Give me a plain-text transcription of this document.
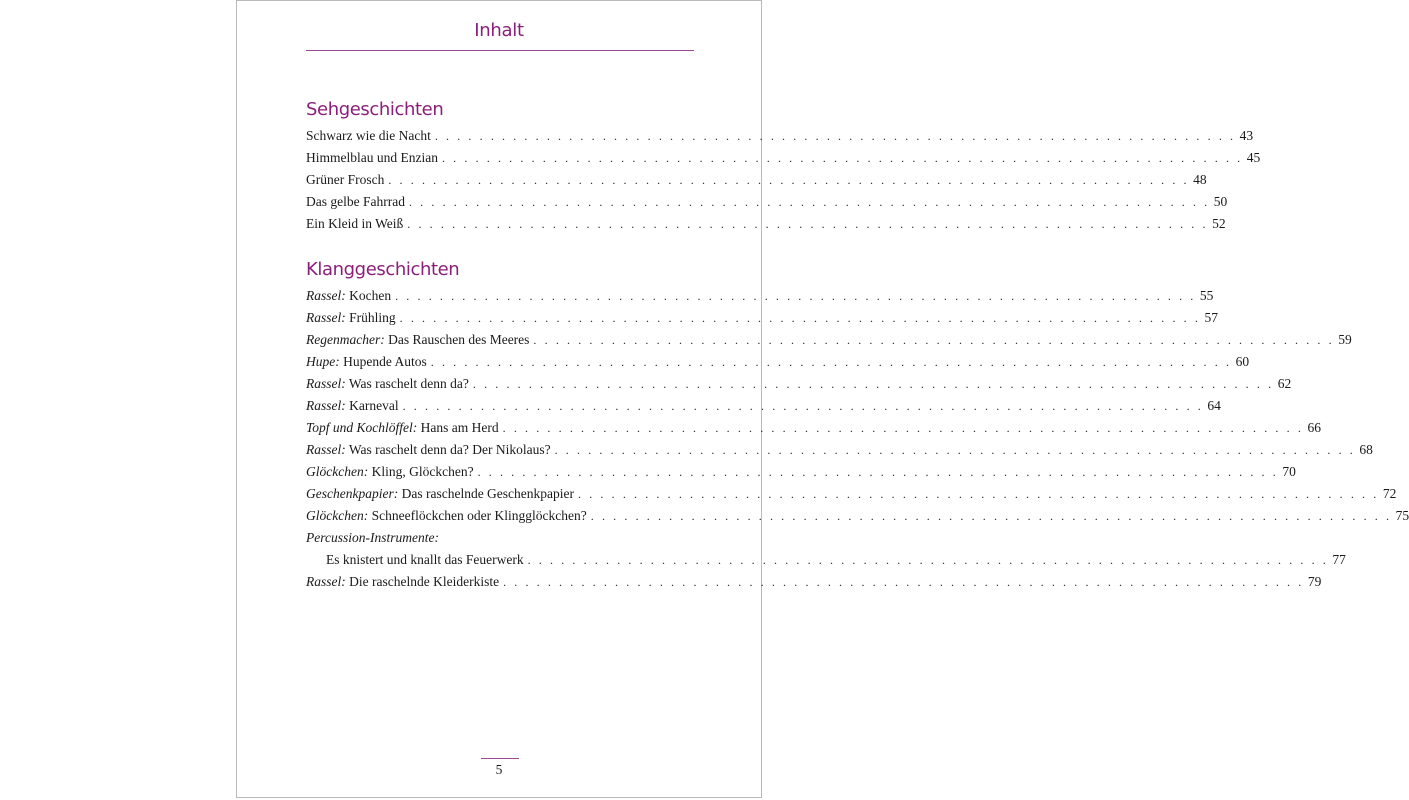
Inhalt
Sehgeschichten
Schwarz wie die Nacht . . . . . . . . . . . . . . . . . . . . . . . . . . . . . . . . . . . . . . . . . . . . . . . . . . . . . . . . . . . . . . . . . . . . . . . . 43
Himmelblau und Enzian . . . . . . . . . . . . . . . . . . . . . . . . . . . . . . . . . . . . . . . . . . . . . . . . . . . . . . . . . . . . . . . . . . . . . . . . 45
Grüner Frosch . . . . . . . . . . . . . . . . . . . . . . . . . . . . . . . . . . . . . . . . . . . . . . . . . . . . . . . . . . . . . . . . . . . . . . . . 48
Das gelbe Fahrrad . . . . . . . . . . . . . . . . . . . . . . . . . . . . . . . . . . . . . . . . . . . . . . . . . . . . . . . . . . . . . . . . . . . . . . . . 50
Ein Kleid in Weiß . . . . . . . . . . . . . . . . . . . . . . . . . . . . . . . . . . . . . . . . . . . . . . . . . . . . . . . . . . . . . . . . . . . . . . . . 52
Klanggeschichten
Rassel: Kochen . . . . . . . . . . . . . . . . . . . . . . . . . . . . . . . . . . . . . . . . . . . . . . . . . . . . . . . . . . . . . . . . . . . . . . . . 55
Rassel: Frühling . . . . . . . . . . . . . . . . . . . . . . . . . . . . . . . . . . . . . . . . . . . . . . . . . . . . . . . . . . . . . . . . . . . . . . . . 57
Regenmacher: Das Rauschen des Meeres . . . . . . . . . . . . . . . . . . . . . . . . . . . . . . . . . . . . . . . . . . . . . . . . . . . . . . . . . . . . . . . . . . . . . . . . 59
Hupe: Hupende Autos . . . . . . . . . . . . . . . . . . . . . . . . . . . . . . . . . . . . . . . . . . . . . . . . . . . . . . . . . . . . . . . . . . . . . . . . 60
Rassel: Was raschelt denn da? . . . . . . . . . . . . . . . . . . . . . . . . . . . . . . . . . . . . . . . . . . . . . . . . . . . . . . . . . . . . . . . . . . . . . . . . 62
Rassel: Karneval . . . . . . . . . . . . . . . . . . . . . . . . . . . . . . . . . . . . . . . . . . . . . . . . . . . . . . . . . . . . . . . . . . . . . . . . 64
Topf und Kochlöffel: Hans am Herd . . . . . . . . . . . . . . . . . . . . . . . . . . . . . . . . . . . . . . . . . . . . . . . . . . . . . . . . . . . . . . . . . . . . . . . . 66
Rassel: Was raschelt denn da? Der Nikolaus? . . . . . . . . . . . . . . . . . . . . . . . . . . . . . . . . . . . . . . . . . . . . . . . . . . . . . . . . . . . . . . . . . . . . . . . . 68
Glöckchen: Kling, Glöckchen? . . . . . . . . . . . . . . . . . . . . . . . . . . . . . . . . . . . . . . . . . . . . . . . . . . . . . . . . . . . . . . . . . . . . . . . . 70
Geschenkpapier: Das raschelnde Geschenkpapier . . . . . . . . . . . . . . . . . . . . . . . . . . . . . . . . . . . . . . . . . . . . . . . . . . . . . . . . . . . . . . . . . . . . . . . . 72
Glöckchen: Schneeflöckchen oder Klingglöckchen? . . . . . . . . . . . . . . . . . . . . . . . . . . . . . . . . . . . . . . . . . . . . . . . . . . . . . . . . . . . . . . . . . . . . . . . . 75
Percussion-Instrumente:
Es knistert und knallt das Feuerwerk . . . . . . . . . . . . . . . . . . . . . . . . . . . . . . . . . . . . . . . . . . . . . . . . . . . . . . . . . . . . . . . . . . . . . . . . 77
Rassel: Die raschelnde Kleiderkiste . . . . . . . . . . . . . . . . . . . . . . . . . . . . . . . . . . . . . . . . . . . . . . . . . . . . . . . . . . . . . . . . . . . . . . . . 79
5
